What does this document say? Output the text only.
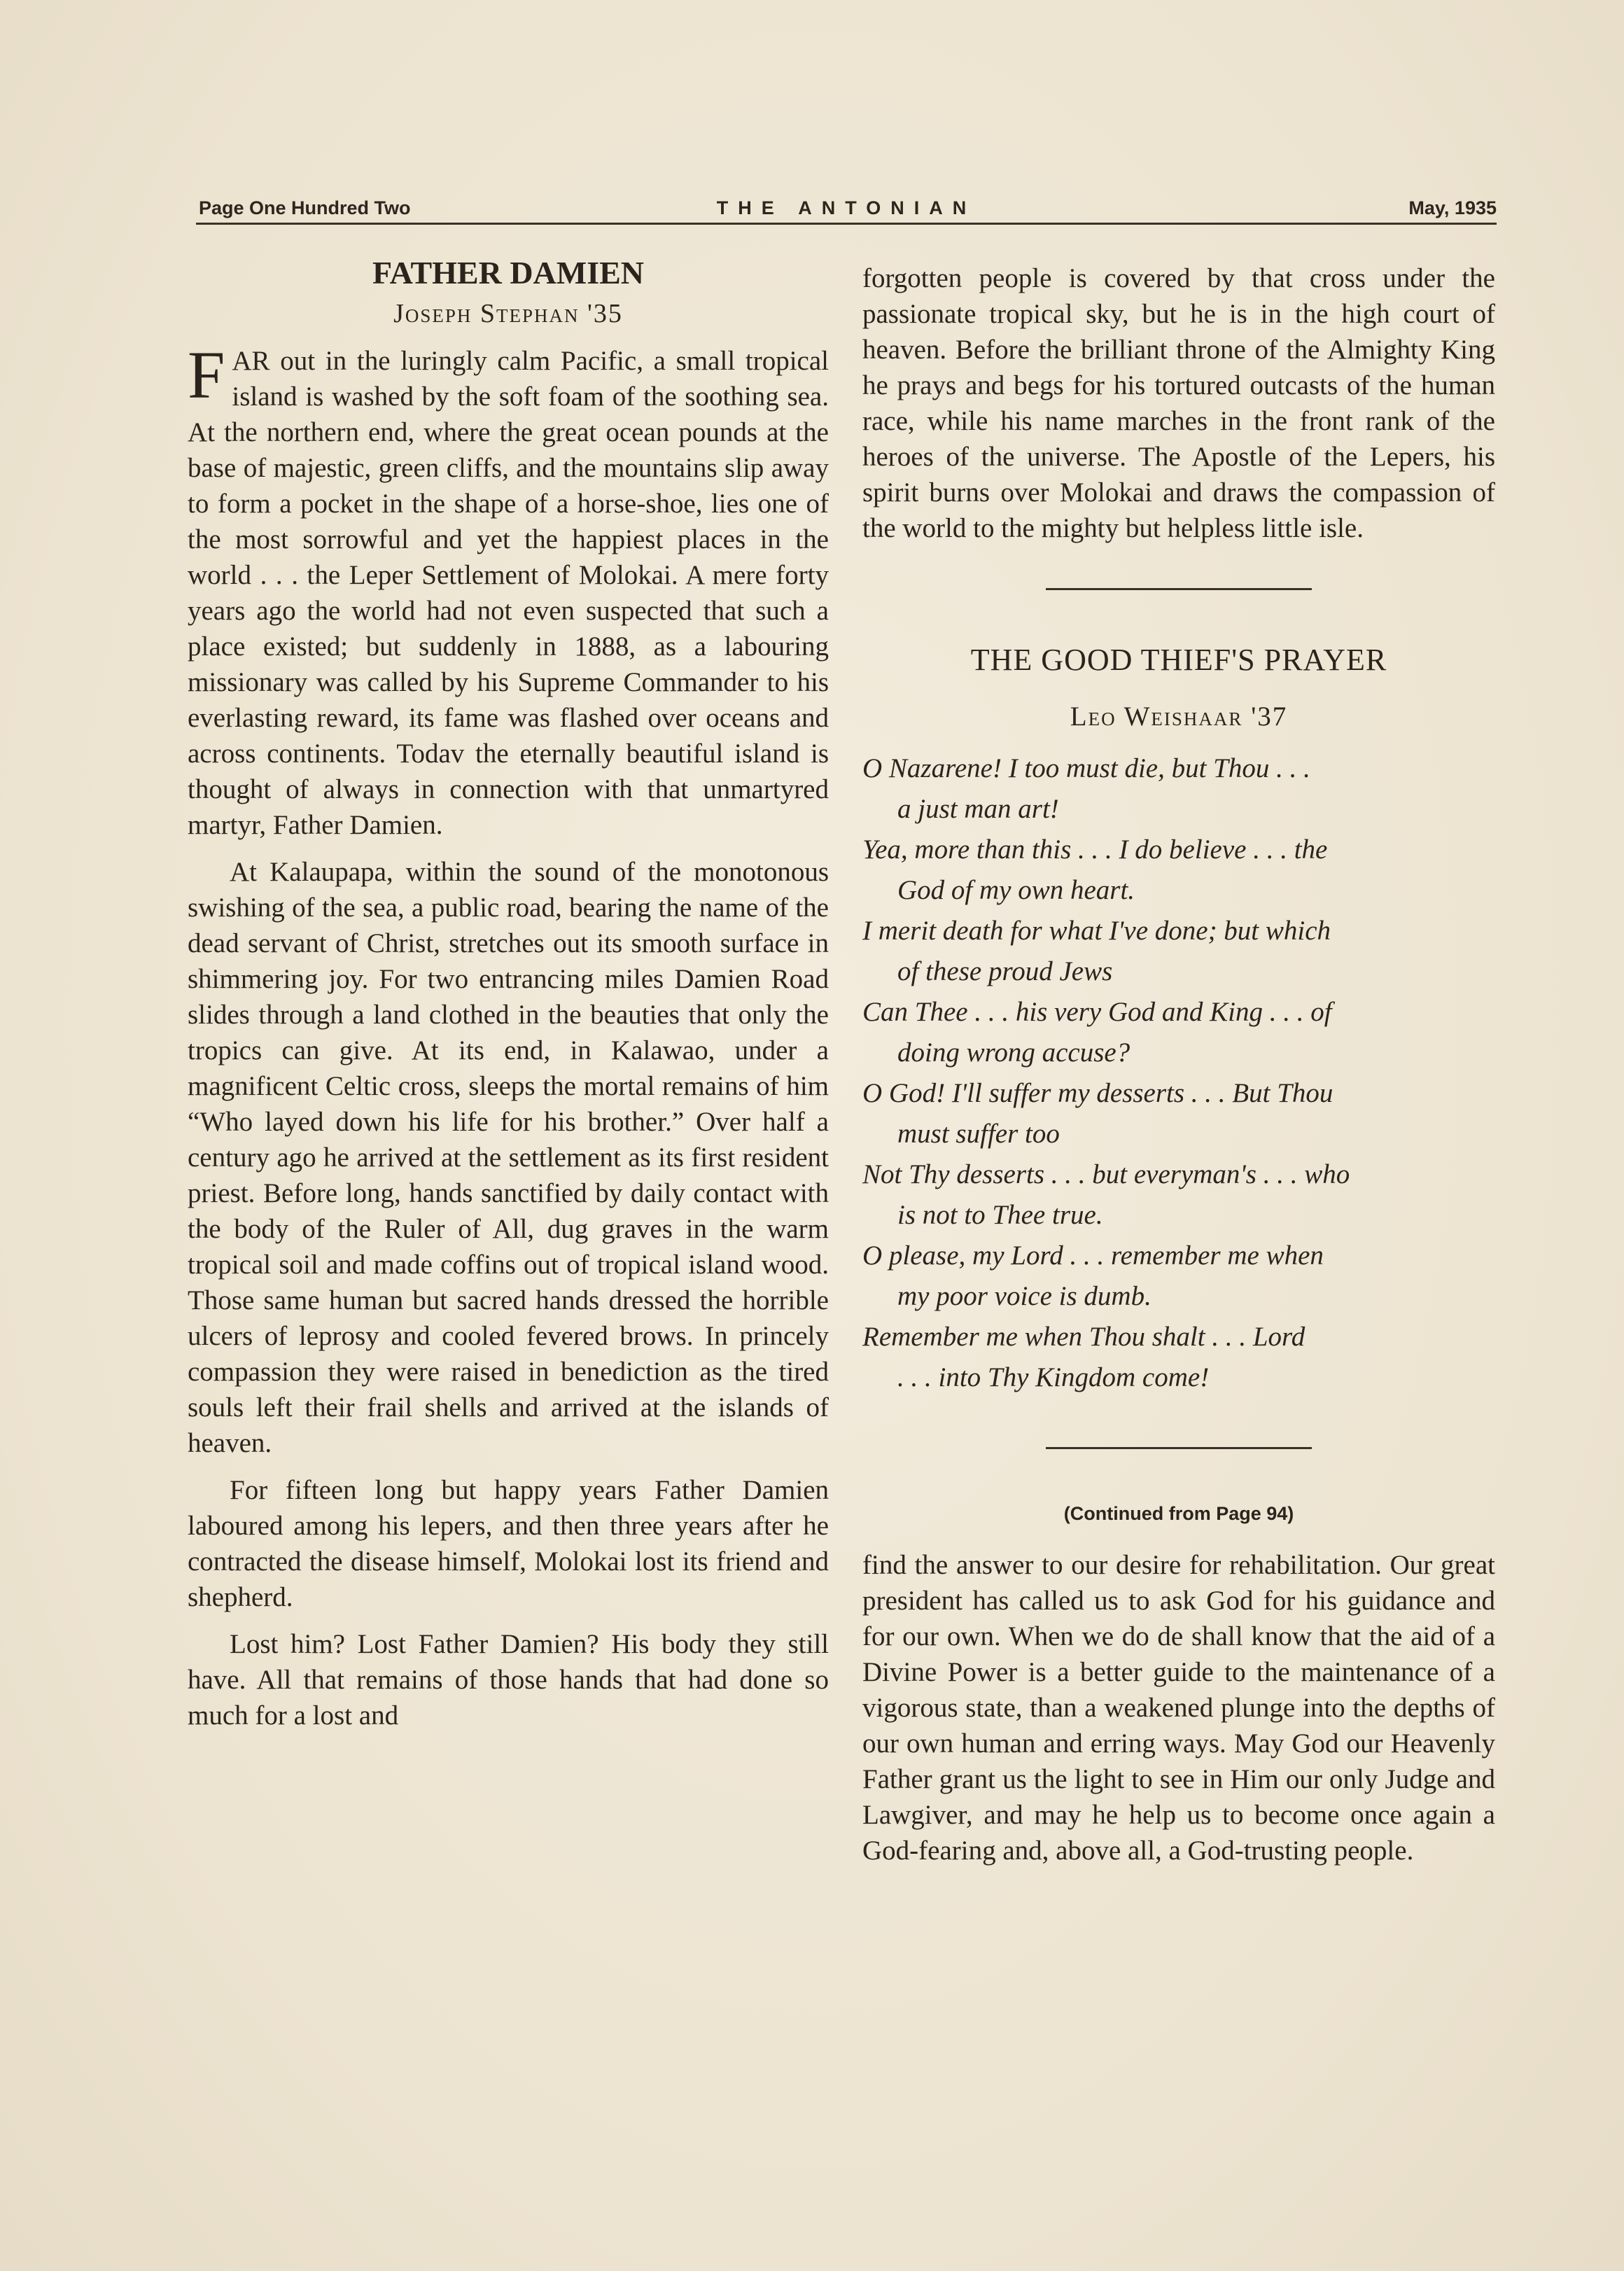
Page One Hundred Two	THE ANTONIAN	May, 1935
FATHER DAMIEN
Joseph Stephan '35

FAR out in the luringly calm Pacific, a small tropical island is washed by the soft foam of the soothing sea. At the northern end, where the great ocean pounds at the base of majestic, green cliffs, and the mountains slip away to form a pocket in the shape of a horse-shoe, lies one of the most sorrowful and yet the happiest places in the world . . . the Leper Settlement of Molokai. A mere forty years ago the world had not even suspected that such a place existed; but suddenly in 1888, as a labouring missionary was called by his Supreme Commander to his everlasting reward, its fame was flashed over oceans and across continents. Todav the eternally beautiful island is thought of always in connection with that unmartyred martyr, Father Damien.

At Kalaupapa, within the sound of the monotonous swishing of the sea, a public road, bearing the name of the dead servant of Christ, stretches out its smooth surface in shimmering joy. For two entrancing miles Damien Road slides through a land clothed in the beauties that only the tropics can give. At its end, in Kalawao, under a magnificent Celtic cross, sleeps the mortal remains of him “Who layed down his life for his brother.” Over half a century ago he arrived at the settlement as its first resident priest. Before long, hands sanctified by daily contact with the body of the Ruler of All, dug graves in the warm tropical soil and made coffins out of tropical island wood. Those same human but sacred hands dressed the horrible ulcers of leprosy and cooled fevered brows. In princely compassion they were raised in benediction as the tired souls left their frail shells and arrived at the islands of heaven.

For fifteen long but happy years Father Damien laboured among his lepers, and then three years after he contracted the disease himself, Molokai lost its friend and shepherd.

Lost him? Lost Father Damien? His body they still have. All that remains of those hands that had done so much for a lost and

forgotten people is covered by that cross under the passionate tropical sky, but he is in the high court of heaven. Before the brilliant throne of the Almighty King he prays and begs for his tortured outcasts of the human race, while his name marches in the front rank of the heroes of the universe. The Apostle of the Lepers, his spirit burns over Molokai and draws the compassion of the world to the mighty but helpless little isle.

THE GOOD THIEF'S PRAYER
Leo Weishaar '37
O Nazarene! I too must die, but Thou . . .
a just man art!
Yea, more than this . . . I do believe . . . the
God of my own heart.
I merit death for what I've done; but which
of these proud Jews
Can Thee . . . his very God and King . . . of
doing wrong accuse?
O God! I'll suffer my desserts . . . But Thou
must suffer too
Not Thy desserts . . . but everyman's . . . who
is not to Thee true.
O please, my Lord . . . remember me when
my poor voice is dumb.
Remember me when Thou shalt . . . Lord
. . . into Thy Kingdom come!
(Continued from Page 94)

find the answer to our desire for rehabilitation. Our great president has called us to ask God for his guidance and for our own. When we do de shall know that the aid of a Divine Power is a better guide to the maintenance of a vigorous state, than a weakened plunge into the depths of our own human and erring ways. May God our Heavenly Father grant us the light to see in Him our only Judge and Lawgiver, and may he help us to become once again a God-fearing and, above all, a God-trusting people.
